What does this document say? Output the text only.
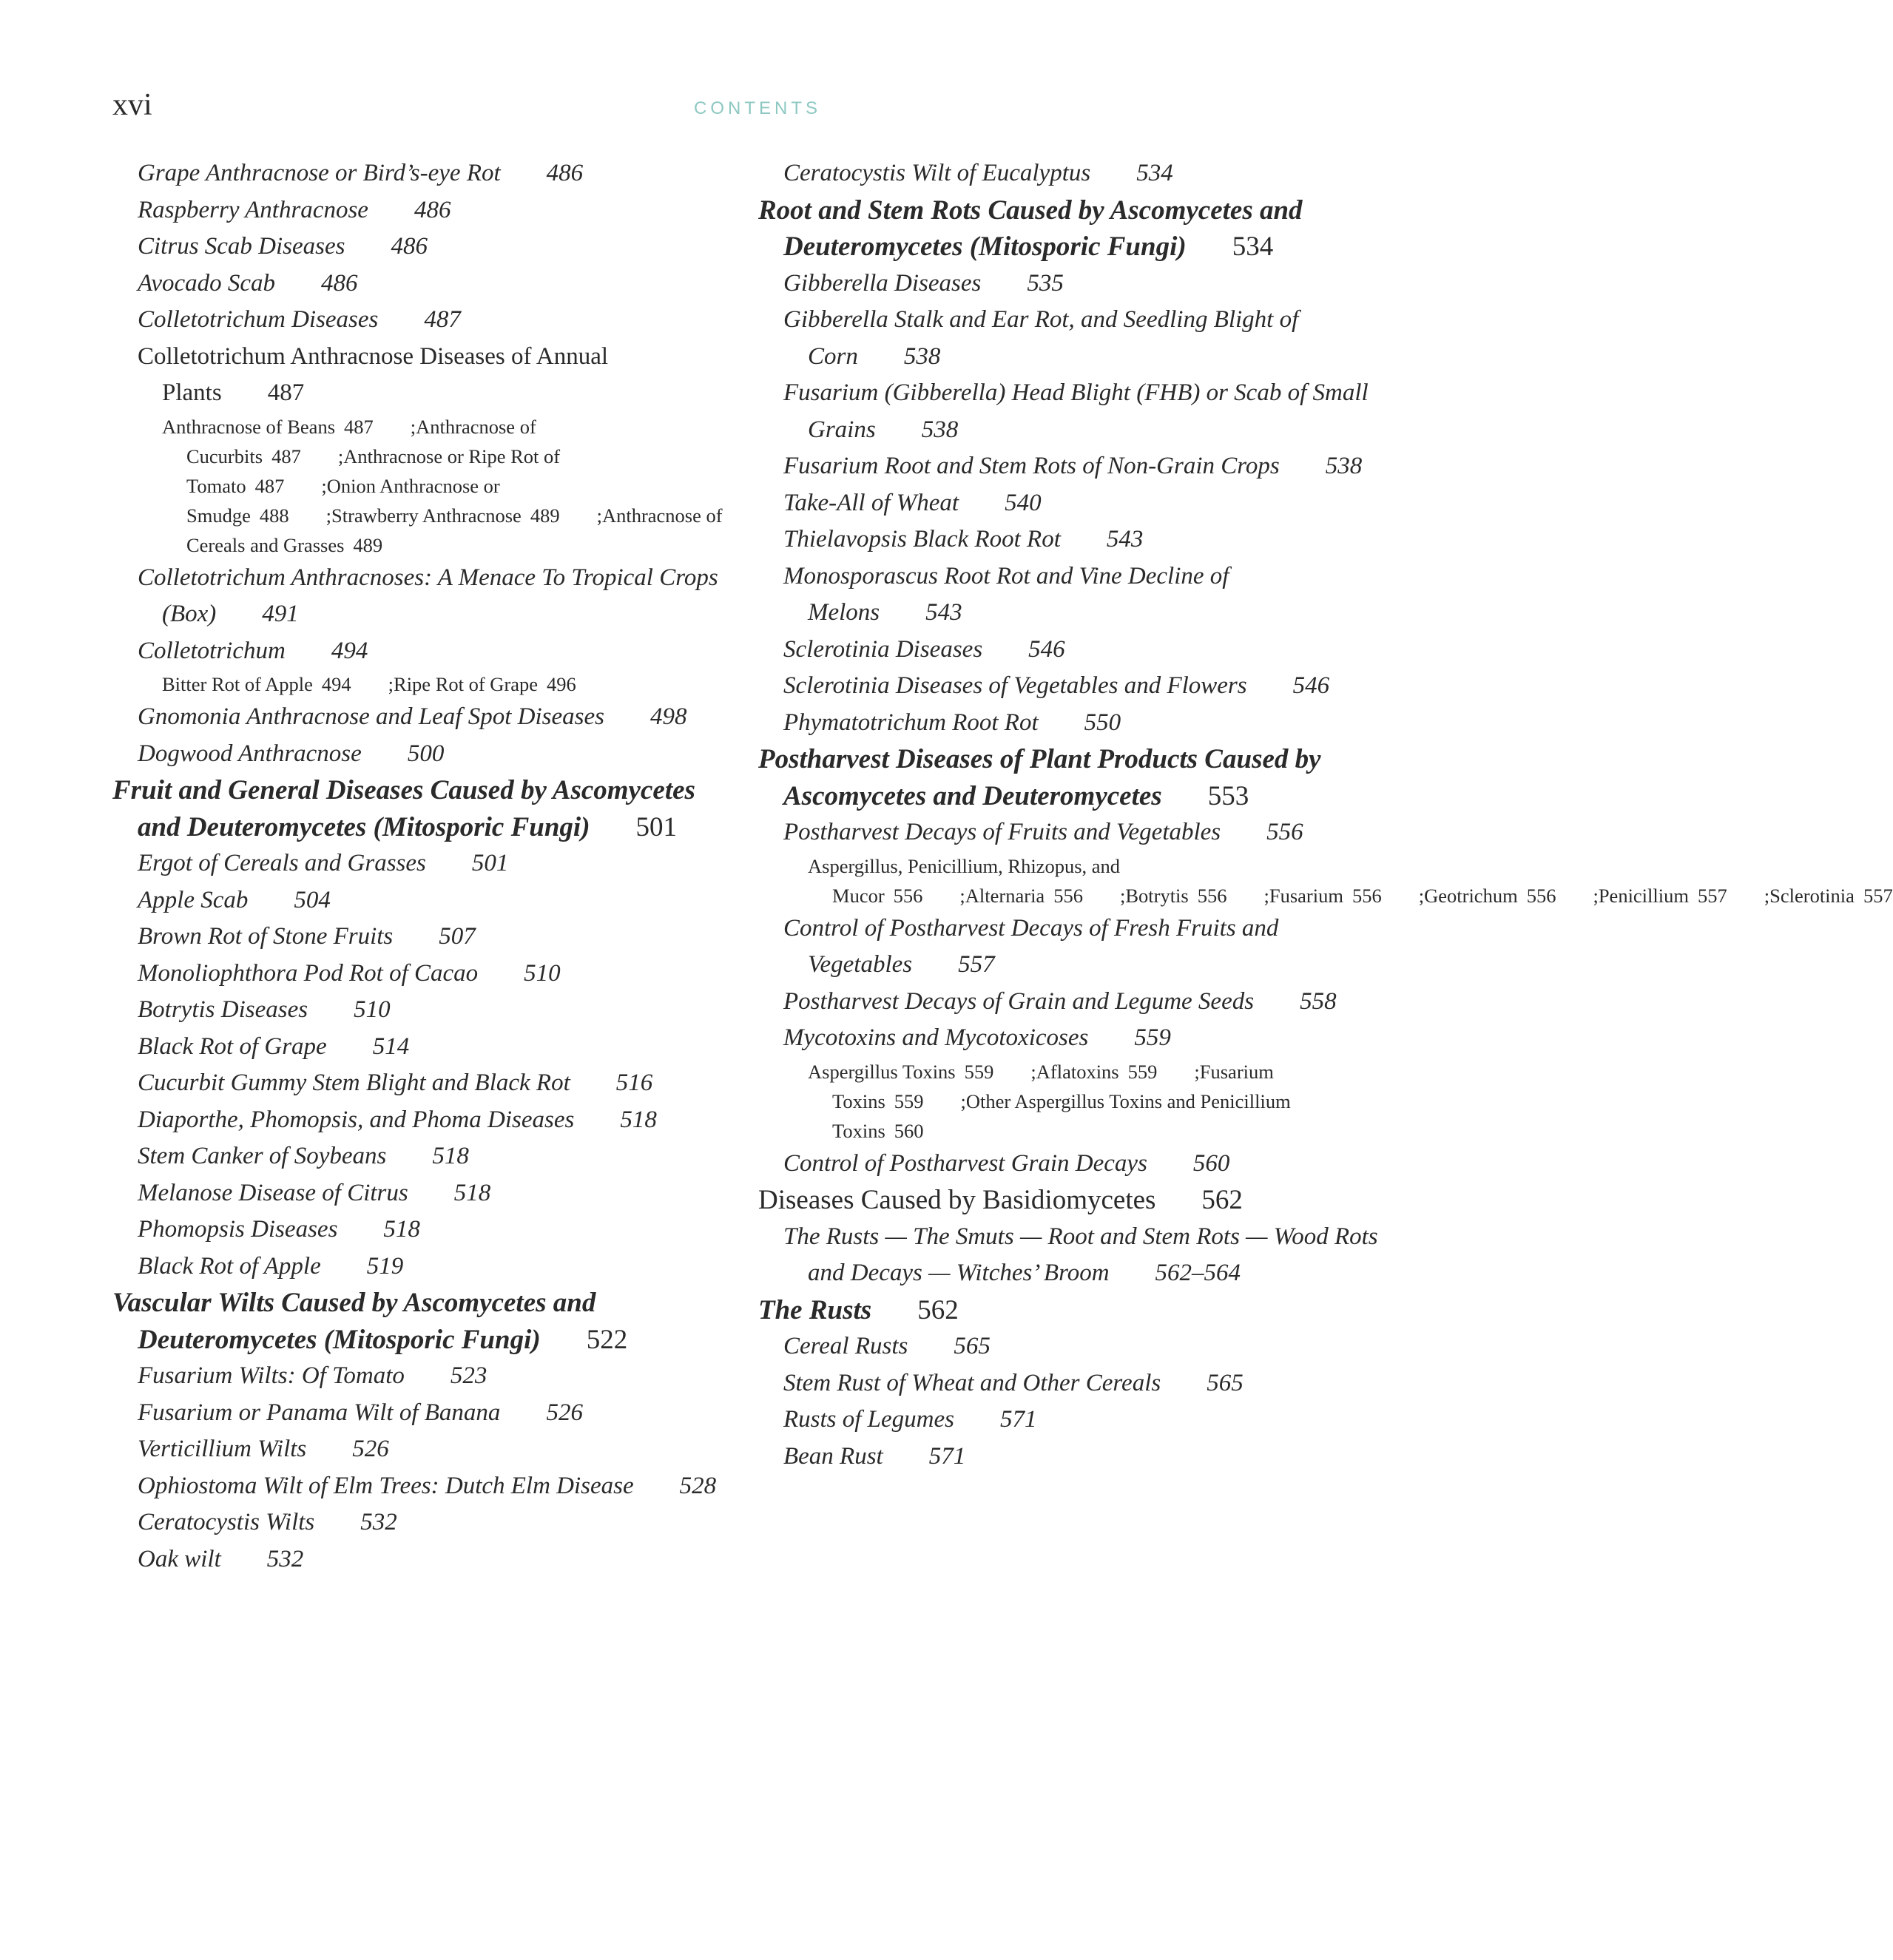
xvi	CONTENTS
Grape Anthracnose or Bird’s-eye Rot 486
Raspberry Anthracnose 486
Citrus Scab Diseases 486
Avocado Scab 486
Colletotrichum Diseases 487
Colletotrichum Anthracnose Diseases of Annual Plants 487
Anthracnose of Beans 487 ;Anthracnose of Cucurbits 487 ;Anthracnose or Ripe Rot of Tomato 487 ;Onion Anthracnose or Smudge 488 ;Strawberry Anthracnose 489 ;Anthracnose of Cereals and Grasses 489
Colletotrichum Anthracnoses: A Menace To Tropical Crops (Box) 491
Colletotrichum 494
Bitter Rot of Apple 494 ;Ripe Rot of Grape 496
Gnomonia Anthracnose and Leaf Spot Diseases 498
Dogwood Anthracnose 500
Fruit and General Diseases Caused by Ascomycetes and Deuteromycetes (Mitosporic Fungi) 501
Ergot of Cereals and Grasses 501
Apple Scab 504
Brown Rot of Stone Fruits 507
Monoliophthora Pod Rot of Cacao 510
Botrytis Diseases 510
Black Rot of Grape 514
Cucurbit Gummy Stem Blight and Black Rot 516
Diaporthe, Phomopsis, and Phoma Diseases 518
Stem Canker of Soybeans 518
Melanose Disease of Citrus 518
Phomopsis Diseases 518
Black Rot of Apple 519
Vascular Wilts Caused by Ascomycetes and Deuteromycetes (Mitosporic Fungi) 522
Fusarium Wilts: Of Tomato 523
Fusarium or Panama Wilt of Banana 526
Verticillium Wilts 526
Ophiostoma Wilt of Elm Trees: Dutch Elm Disease 528
Ceratocystis Wilts 532
Oak wilt 532
Ceratocystis Wilt of Eucalyptus 534
Root and Stem Rots Caused by Ascomycetes and Deuteromycetes (Mitosporic Fungi) 534
Gibberella Diseases 535
Gibberella Stalk and Ear Rot, and Seedling Blight of Corn 538
Fusarium (Gibberella) Head Blight (FHB) or Scab of Small Grains 538
Fusarium Root and Stem Rots of Non-Grain Crops 538
Take-All of Wheat 540
Thielavopsis Black Root Rot 543
Monosporascus Root Rot and Vine Decline of Melons 543
Sclerotinia Diseases 546
Sclerotinia Diseases of Vegetables and Flowers 546
Phymatotrichum Root Rot 550
Postharvest Diseases of Plant Products Caused by Ascomycetes and Deuteromycetes 553
Postharvest Decays of Fruits and Vegetables 556
Aspergillus, Penicillium, Rhizopus, and Mucor 556 ;Alternaria 556 ;Botrytis 556 ;Fusarium 556 ;Geotrichum 556 ;Penicillium 557 ;Sclerotinia 557
Control of Postharvest Decays of Fresh Fruits and Vegetables 557
Postharvest Decays of Grain and Legume Seeds 558
Mycotoxins and Mycotoxicoses 559
Aspergillus Toxins 559 ;Aflatoxins 559 ;Fusarium Toxins 559 ;Other Aspergillus Toxins and Penicillium Toxins 560
Control of Postharvest Grain Decays 560
Diseases Caused by Basidiomycetes 562
The Rusts — The Smuts — Root and Stem Rots — Wood Rots and Decays — Witches’ Broom 562–564
The Rusts 562
Cereal Rusts 565
Stem Rust of Wheat and Other Cereals 565
Rusts of Legumes 571
Bean Rust 571
